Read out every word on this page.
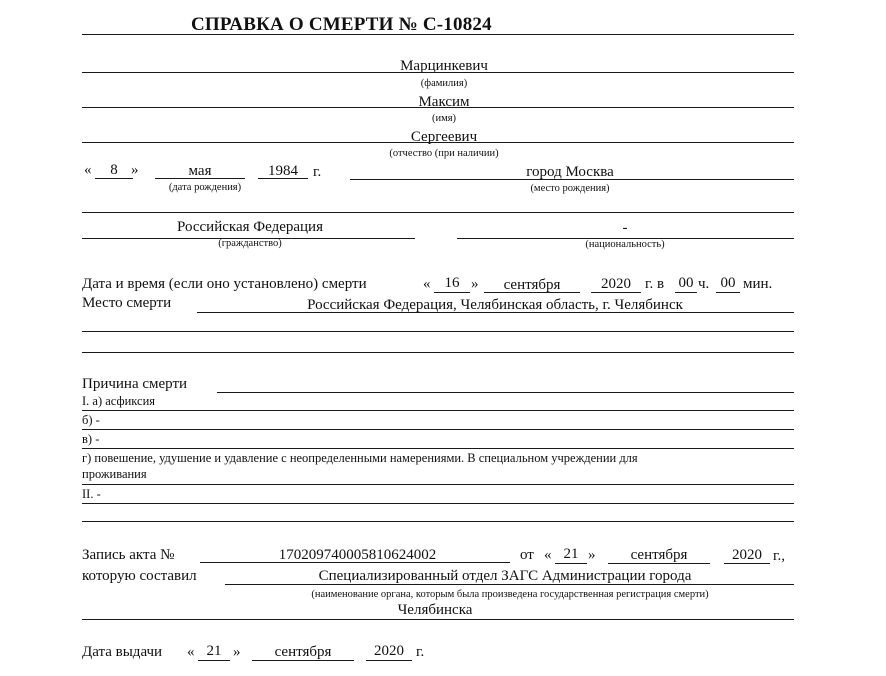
СПРАВКА О СМЕРТИ № С-10824
Марцинкевич
(фамилия)
Максим
(имя)
Сергеевич
(отчество (при наличии)
«	8 »	мая	1984	г.
(дата рождения)
город Москва
(место рождения)
Российская Федерация
(гражданство)
-
(национальность)
Дата и время (если оно установлено) смерти	« 16 »	сентября	2020 г. в 00 ч. 00 мин.
Место смерти	Российская Федерация, Челябинская область, г. Челябинск
Причина смерти
I. а) асфиксия
б) -
в) -
г) повешение, удушение и удавление с неопределенными намерениями. В специальном учреждении для
проживания
II. -
Запись акта №	170209740005810624002	от « 21 »	сентября	2020 г.,
которую составил	Специализированный отдел ЗАГС Администрации города
(наименование органа, которым была произведена государственная регистрация смерти)
Челябинска
Дата выдачи « 21 »	сентября	2020 г.
